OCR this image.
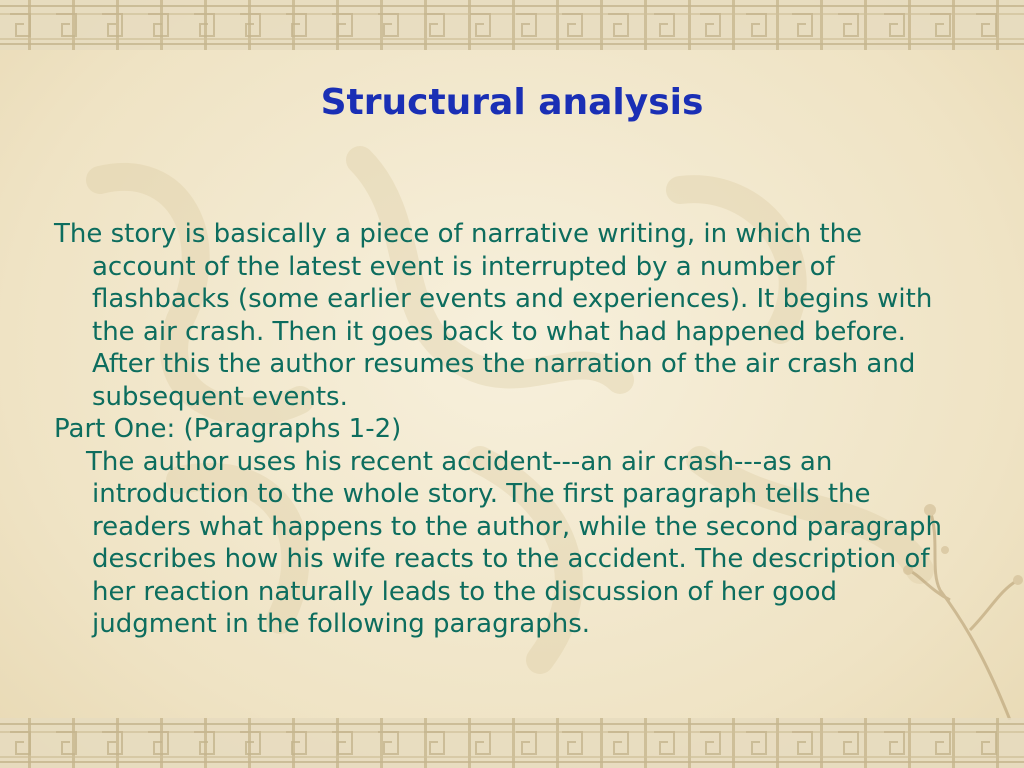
Structural analysis

The story is basically a piece of narrative writing, in which the account of the latest event is interrupted by a number of flashbacks (some earlier events and experiences). It begins with the air crash. Then it goes back to what had happened before. After this the author resumes the narration of the air crash and subsequent events.

Part One: (Paragraphs 1-2)

The author uses his recent accident---an air crash---as an introduction to the whole story. The first paragraph tells the readers what happens to the author, while the second paragraph describes how his wife reacts to the accident. The description of her reaction naturally leads to the discussion of her good judgment in the following paragraphs.
